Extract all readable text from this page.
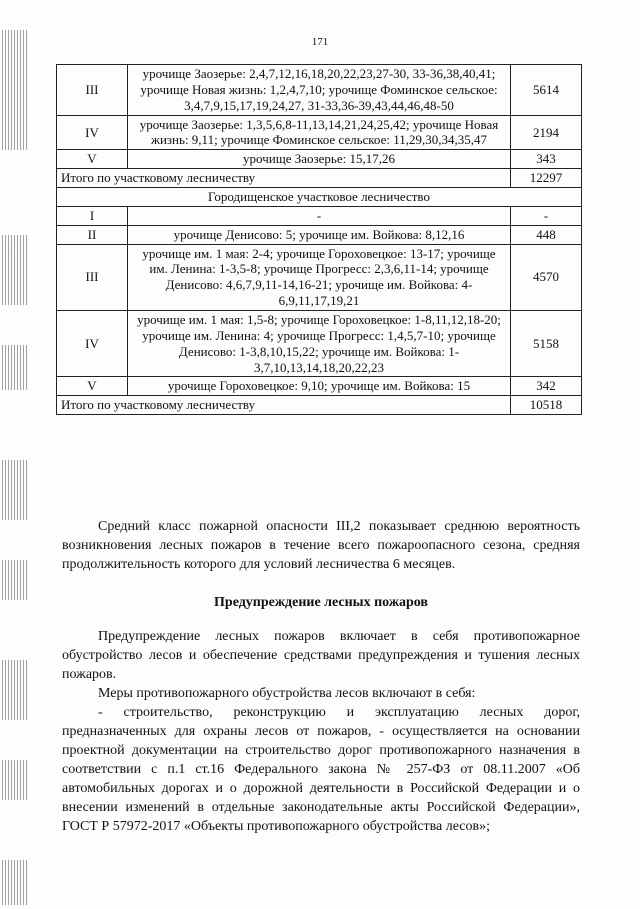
171
III	урочище Заозерье: 2,4,7,12,16,18,20,22,23,27-30, 33-36,38,40,41; урочище Новая жизнь: 1,2,4,7,10; урочище Фоминское сельское: 3,4,7,9,15,17,19,24,27, 31-33,36-39,43,44,46,48-50	5614
IV	урочище Заозерье: 1,3,5,6,8-11,13,14,21,24,25,42; урочище Новая жизнь: 9,11; урочище Фоминское сельское: 11,29,30,34,35,47	2194
V	урочище Заозерье: 15,17,26	343
Итого по участковому лесничеству		12297
Городищенское участковое лесничество		
I	-	-
II	урочище Денисово: 5; урочище им. Войкова: 8,12,16	448
III	урочище им. 1 мая: 2-4; урочище Гороховецкое: 13-17; урочище им. Ленина: 1-3,5-8; урочище Прогресс: 2,3,6,11-14; урочище Денисово: 4,6,7,9,11-14,16-21; урочище им. Войкова: 4-6,9,11,17,19,21	4570
IV	урочище им. 1 мая: 1,5-8; урочище Гороховецкое: 1-8,11,12,18-20; урочище им. Ленина: 4; урочище Прогресс: 1,4,5,7-10; урочище Денисово: 1-3,8,10,15,22; урочище им. Войкова: 1-3,7,10,13,14,18,20,22,23	5158
V	урочище Гороховецкое: 9,10; урочище им. Войкова: 15	342
Итого по участковому лесничеству		10518

Средний класс пожарной опасности III,2 показывает среднюю вероятность возникновения лесных пожаров в течение всего пожароопасного сезона, средняя продолжительность которого для условий лесничества 6 месяцев.

Предупреждение лесных пожаров

Предупреждение лесных пожаров включает в себя противопожарное обустройство лесов и обеспечение средствами предупреждения и тушения лесных пожаров.

Меры противопожарного обустройства лесов включают в себя:

- строительство, реконструкцию и эксплуатацию лесных дорог, предназначенных для охраны лесов от пожаров, - осуществляется на основании проектной документации на строительство дорог противопожарного назначения в соответствии с п.1 ст.16 Федерального закона № 257-ФЗ от 08.11.2007 «Об автомобильных дорогах и о дорожной деятельности в Российской Федерации и о внесении изменений в отдельные законодательные акты Российской Федерации», ГОСТ Р 57972-2017 «Объекты противопожарного обустройства лесов»;
